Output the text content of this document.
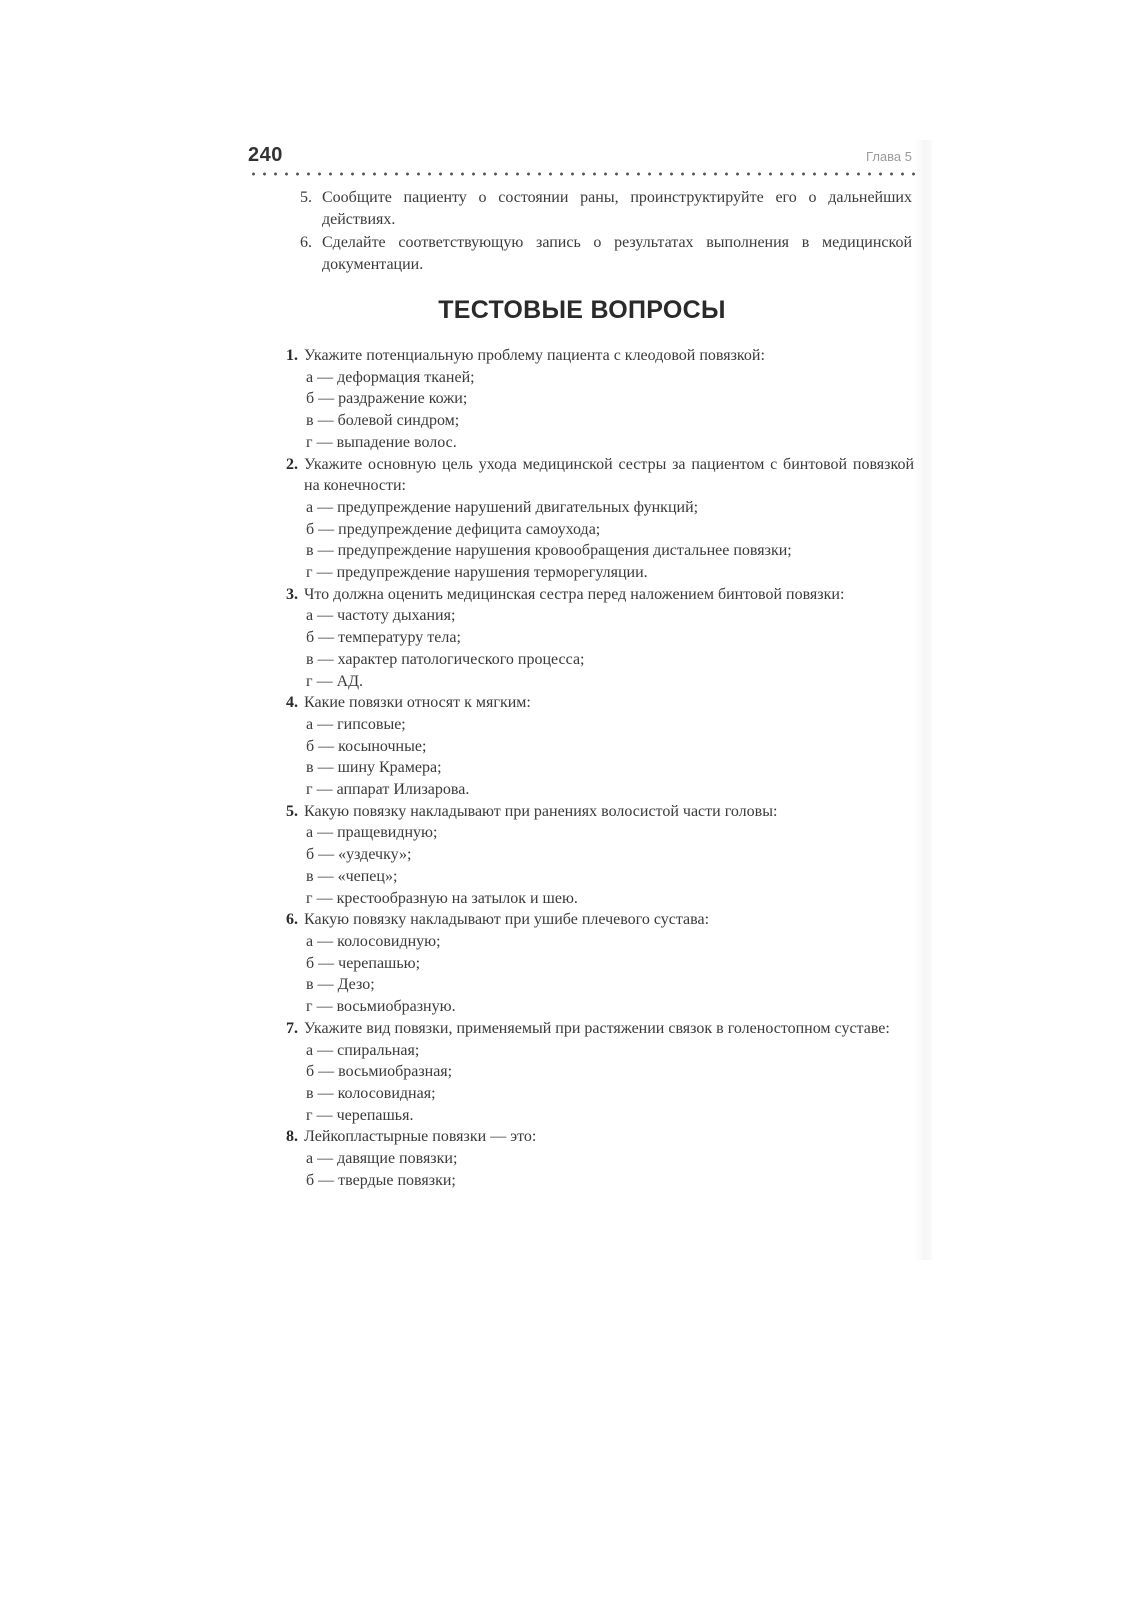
240	Глава 5
5. Сообщите пациенту о состоянии раны, проинструктируйте его о дальнейших действиях.
6. Сделайте соответствующую запись о результатах выполнения в медицинской документации.
ТЕСТОВЫЕ ВОПРОСЫ
1. Укажите потенциальную проблему пациента с клеодовой повязкой:
а — деформация тканей;
б — раздражение кожи;
в — болевой синдром;
г — выпадение волос.
2. Укажите основную цель ухода медицинской сестры за пациентом с бинтовой повязкой на конечности:
а — предупреждение нарушений двигательных функций;
б — предупреждение дефицита самоухода;
в — предупреждение нарушения кровообращения дистальнее повязки;
г — предупреждение нарушения терморегуляции.
3. Что должна оценить медицинская сестра перед наложением бинтовой повязки:
а — частоту дыхания;
б — температуру тела;
в — характер патологического процесса;
г — АД.
4. Какие повязки относят к мягким:
а — гипсовые;
б — косыночные;
в — шину Крамера;
г — аппарат Илизарова.
5. Какую повязку накладывают при ранениях волосистой части головы:
а — пращевидную;
б — «уздечку»;
в — «чепец»;
г — крестообразную на затылок и шею.
6. Какую повязку накладывают при ушибе плечевого сустава:
а — колосовидную;
б — черепашью;
в — Дезо;
г — восьмиобразную.
7. Укажите вид повязки, применяемый при растяжении связок в голеностопном суставе:
а — спиральная;
б — восьмиобразная;
в — колосовидная;
г — черепашья.
8. Лейкопластырные повязки — это:
а — давящие повязки;
б — твердые повязки;
